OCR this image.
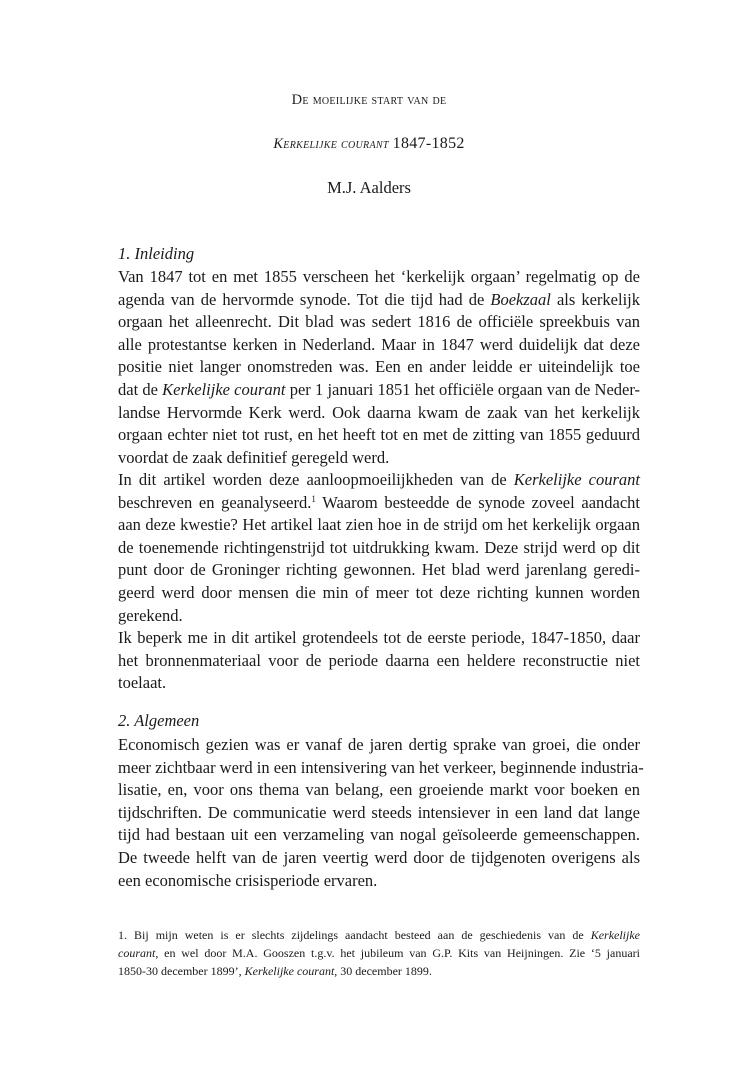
De moeilijke start van de
Kerkelijke courant 1847-1852
M.J. Aalders
1. Inleiding
Van 1847 tot en met 1855 verscheen het ‘kerkelijk orgaan’ regelmatig op de
agenda van de hervormde synode. Tot die tijd had de Boekzaal als kerkelijk
orgaan het alleenrecht. Dit blad was sedert 1816 de officiële spreekbuis van
alle protestantse kerken in Nederland. Maar in 1847 werd duidelijk dat deze
positie niet langer onomstreden was. Een en ander leidde er uiteindelijk toe
dat de Kerkelijke courant per 1 januari 1851 het officiële orgaan van de Neder-
landse Hervormde Kerk werd. Ook daarna kwam de zaak van het kerkelijk
orgaan echter niet tot rust, en het heeft tot en met de zitting van 1855 geduurd
voordat de zaak definitief geregeld werd.
In dit artikel worden deze aanloopmoeilijkheden van de Kerkelijke courant
beschreven en geanalyseerd.$^1$ Waarom besteedde de synode zoveel aandacht
aan deze kwestie? Het artikel laat zien hoe in de strijd om het kerkelijk orgaan
de toenemende richtingenstrijd tot uitdrukking kwam. Deze strijd werd op dit
punt door de Groninger richting gewonnen. Het blad werd jarenlang geredi-
geerd werd door mensen die min of meer tot deze richting kunnen worden
gerekend.
Ik beperk me in dit artikel grotendeels tot de eerste periode, 1847-1850, daar
het bronnenmateriaal voor de periode daarna een heldere reconstructie niet
toelaat.
2. Algemeen
Economisch gezien was er vanaf de jaren dertig sprake van groei, die onder
meer zichtbaar werd in een intensivering van het verkeer, beginnende industria-
lisatie, en, voor ons thema van belang, een groeiende markt voor boeken en
tijdschriften. De communicatie werd steeds intensiever in een land dat lange
tijd had bestaan uit een verzameling van nogal geïsoleerde gemeenschappen.
De tweede helft van de jaren veertig werd door de tijdgenoten overigens als
een economische crisisperiode ervaren.
1. Bij mijn weten is er slechts zijdelings aandacht besteed aan de geschiedenis van de Kerkelijke
courant, en wel door M.A. Gooszen t.g.v. het jubileum van G.P. Kits van Heijningen. Zie ‘5 januari
1850-30 december 1899’, Kerkelijke courant, 30 december 1899.
